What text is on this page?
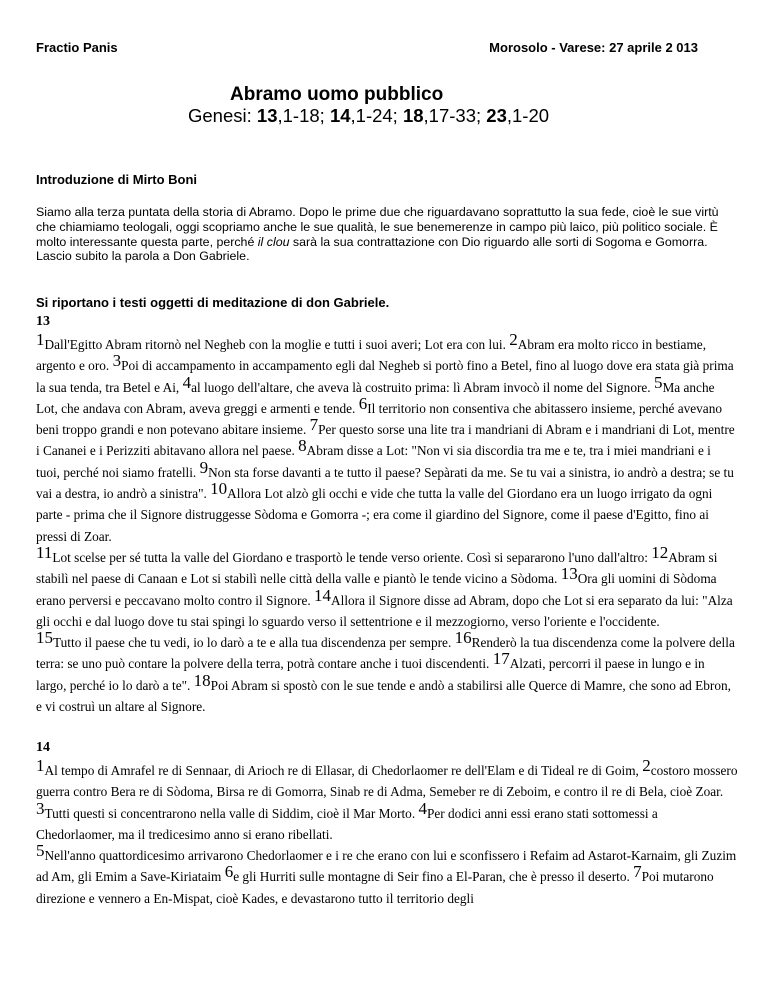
Fractio Panis	Morosolo - Varese: 27 aprile 2 013
Abramo uomo pubblico
Genesi: 13,1-18; 14,1-24; 18,17-33; 23,1-20
Introduzione di Mirto Boni
Siamo alla terza puntata della storia di Abramo. Dopo le prime due che riguardavano soprattutto la sua fede, cioè le sue virtù che chiamiamo teologali, oggi scopriamo anche le sue qualità, le sue benemerenze in campo più laico, più politico sociale. È molto interessante questa parte, perché il clou sarà la sua contrattazione con Dio riguardo alle sorti di Sogoma e Gomorra. Lascio subito la parola a Don Gabriele.
Si riportano i testi oggetti di meditazione di don Gabriele.
13
$^1$Dall'Egitto Abram ritornò nel Negheb con la moglie e tutti i suoi averi; Lot era con lui. $^2$Abram era molto ricco in bestiame, argento e oro. $^3$Poi di accampamento in accampamento egli dal Negheb si portò fino a Betel, fino al luogo dove era stata già prima la sua tenda, tra Betel e Ai, $^4$al luogo dell'altare, che aveva là costruito prima: lì Abram invocò il nome del Signore. $^5$Ma anche Lot, che andava con Abram, aveva greggi e armenti e tende. $^6$Il territorio non consentiva che abitassero insieme, perché avevano beni troppo grandi e non potevano abitare insieme. $^7$Per questo sorse una lite tra i mandriani di Abram e i mandriani di Lot, mentre i Cananei e i Perizziti abitavano allora nel paese. $^8$Abram disse a Lot: "Non vi sia discordia tra me e te, tra i miei mandriani e i tuoi, perché noi siamo fratelli. $^9$Non sta forse davanti a te tutto il paese? Sepàrati da me. Se tu vai a sinistra, io andrò a destra; se tu vai a destra, io andrò a sinistra". $^{10}$Allora Lot alzò gli occhi e vide che tutta la valle del Giordano era un luogo irrigato da ogni parte - prima che il Signore distruggesse Sòdoma e Gomorra -; era come il giardino del Signore, come il paese d'Egitto, fino ai pressi di Zoar.
$^{11}$Lot scelse per sé tutta la valle del Giordano e trasportò le tende verso oriente. Così si separarono l'uno dall'altro: $^{12}$Abram si stabilì nel paese di Canaan e Lot si stabilì nelle città della valle e piantò le tende vicino a Sòdoma. $^{13}$Ora gli uomini di Sòdoma erano perversi e peccavano molto contro il Signore. $^{14}$Allora il Signore disse ad Abram, dopo che Lot si era separato da lui: "Alza gli occhi e dal luogo dove tu stai spingi lo sguardo verso il settentrione e il mezzogiorno, verso l'oriente e l'occidente.
$^{15}$Tutto il paese che tu vedi, io lo darò a te e alla tua discendenza per sempre. $^{16}$Renderò la tua discendenza come la polvere della terra: se uno può contare la polvere della terra, potrà contare anche i tuoi discendenti. $^{17}$Alzati, percorri il paese in lungo e in largo, perché io lo darò a te". $^{18}$Poi Abram si spostò con le sue tende e andò a stabilirsi alle Querce di Mamre, che sono ad Ebron, e vi costruì un altare al Signore.
14
$^1$Al tempo di Amrafel re di Sennaar, di Arioch re di Ellasar, di Chedorlaomer re dell'Elam e di Tideal re di Goim, $^2$costoro mossero guerra contro Bera re di Sòdoma, Birsa re di Gomorra, Sinab re di Adma, Semeber re di Zeboim, e contro il re di Bela, cioè Zoar.
$^3$Tutti questi si concentrarono nella valle di Siddim, cioè il Mar Morto. $^4$Per dodici anni essi erano stati sottomessi a Chedorlaomer, ma il tredicesimo anno si erano ribellati.
$^5$Nell'anno quattordicesimo arrivarono Chedorlaomer e i re che erano con lui e sconfissero i Refaim ad Astarot-Karnaim, gli Zuzim ad Am, gli Emim a Save-Kiriataim $^6$e gli Hurriti sulle montagne di Seir fino a El-Paran, che è presso il deserto. $^7$Poi mutarono direzione e vennero a En-Mispat, cioè Kades, e devastarono tutto il territorio degli
